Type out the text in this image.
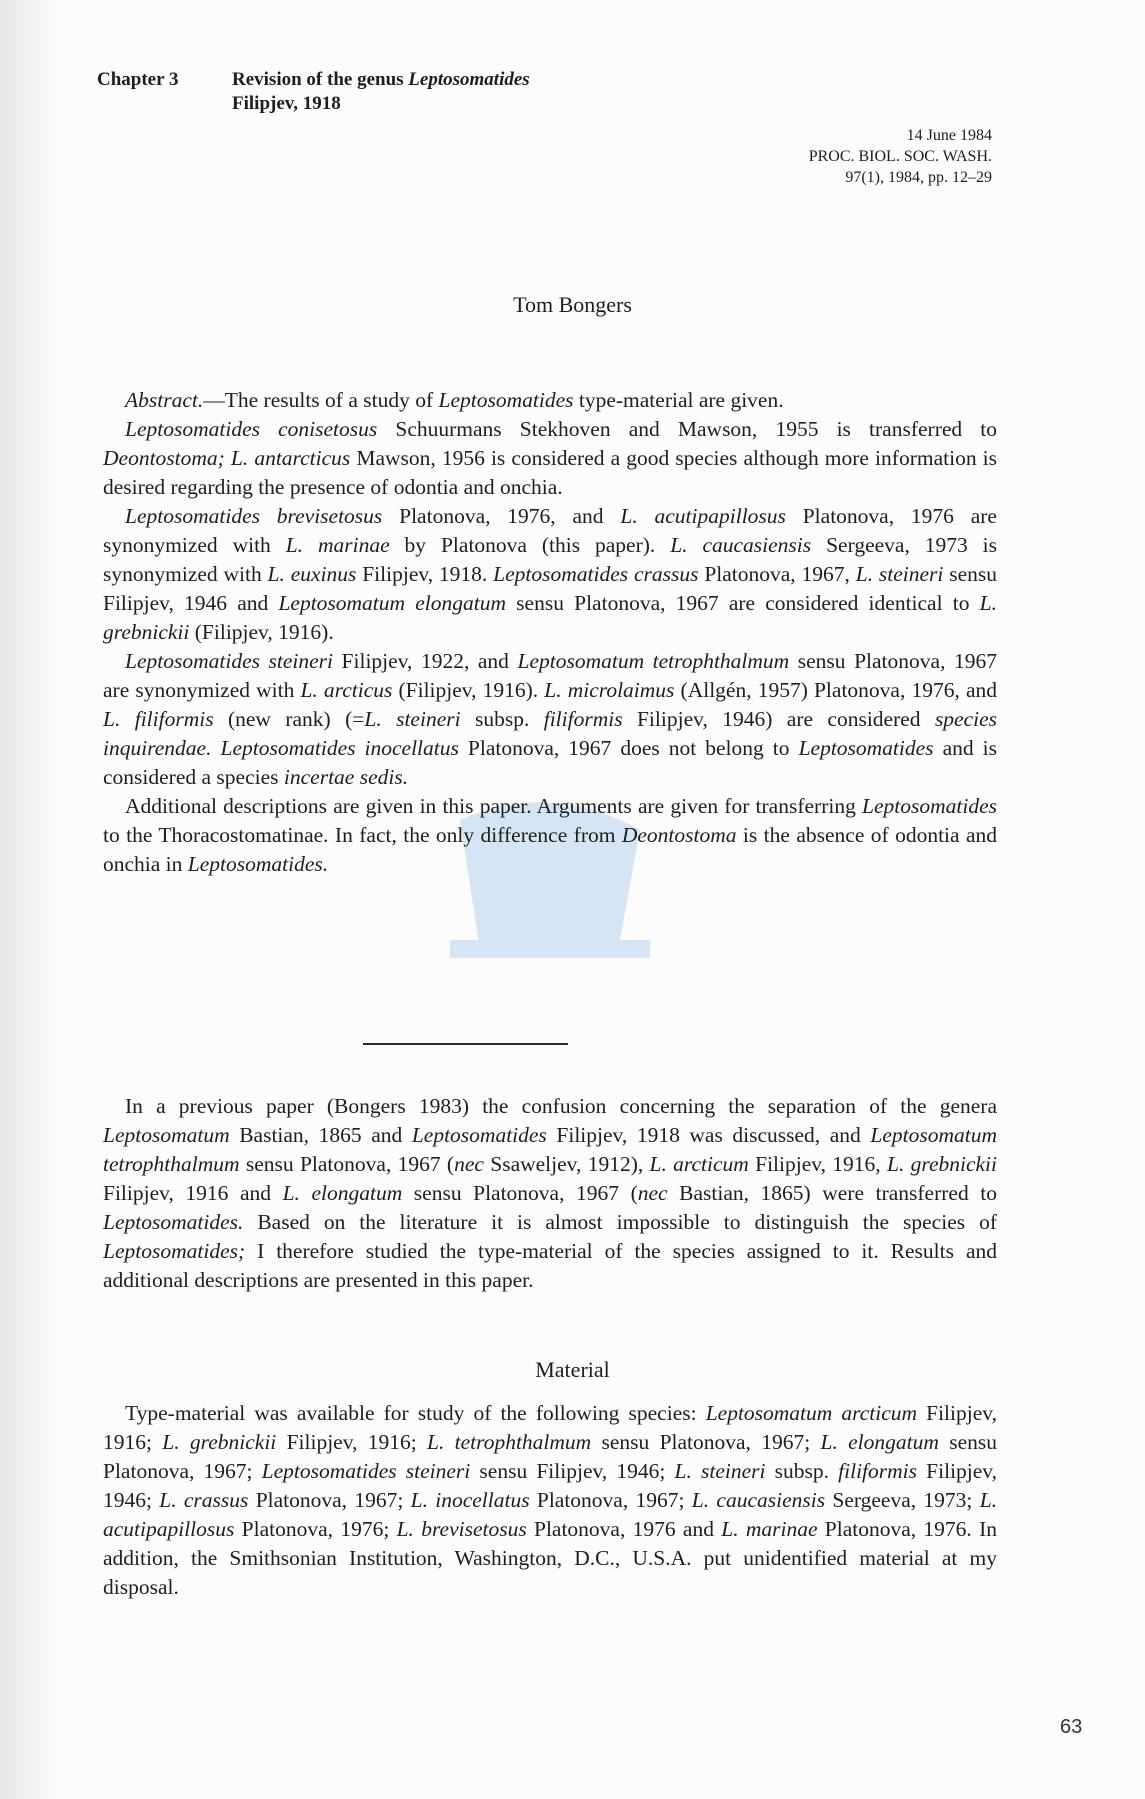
Chapter 3	Revision of the genus Leptosomatides
Filipjev, 1918
14 June 1984
PROC. BIOL. SOC. WASH.
97(1), 1984, pp. 12–29
Tom Bongers

Abstract.—The results of a study of Leptosomatides type-material are given.

Leptosomatides conisetosus Schuurmans Stekhoven and Mawson, 1955 is transferred to Deontostoma; L. antarcticus Mawson, 1956 is considered a good species although more information is desired regarding the presence of odontia and onchia.

Leptosomatides brevisetosus Platonova, 1976, and L. acutipapillosus Platonova, 1976 are synonymized with L. marinae by Platonova (this paper). L. caucasiensis Sergeeva, 1973 is synonymized with L. euxinus Filipjev, 1918. Leptosomatides crassus Platonova, 1967, L. steineri sensu Filipjev, 1946 and Leptosomatum elongatum sensu Platonova, 1967 are considered identical to L. grebnickii (Filipjev, 1916).

Leptosomatides steineri Filipjev, 1922, and Leptosomatum tetrophthalmum sensu Platonova, 1967 are synonymized with L. arcticus (Filipjev, 1916). L. microlaimus (Allgén, 1957) Platonova, 1976, and L. filiformis (new rank) (=L. steineri subsp. filiformis Filipjev, 1946) are considered species inquirendae. Leptosomatides inocellatus Platonova, 1967 does not belong to Leptosomatides and is considered a species incertae sedis.

Additional descriptions are given in this paper. Arguments are given for transferring Leptosomatides to the Thoracostomatinae. In fact, the only difference from Deontostoma is the absence of odontia and onchia in Leptosomatides.

In a previous paper (Bongers 1983) the confusion concerning the separation of the genera Leptosomatum Bastian, 1865 and Leptosomatides Filipjev, 1918 was discussed, and Leptosomatum tetrophthalmum sensu Platonova, 1967 (nec Ssaweljev, 1912), L. arcticum Filipjev, 1916, L. grebnickii Filipjev, 1916 and L. elongatum sensu Platonova, 1967 (nec Bastian, 1865) were transferred to Leptosomatides. Based on the literature it is almost impossible to distinguish the species of Leptosomatides; I therefore studied the type-material of the species assigned to it. Results and additional descriptions are presented in this paper.

Material

Type-material was available for study of the following species: Leptosomatum arcticum Filipjev, 1916; L. grebnickii Filipjev, 1916; L. tetrophthalmum sensu Platonova, 1967; L. elongatum sensu Platonova, 1967; Leptosomatides steineri sensu Filipjev, 1946; L. steineri subsp. filiformis Filipjev, 1946; L. crassus Platonova, 1967; L. inocellatus Platonova, 1967; L. caucasiensis Sergeeva, 1973; L. acutipapillosus Platonova, 1976; L. brevisetosus Platonova, 1976 and L. marinae Platonova, 1976. In addition, the Smithsonian Institution, Washington, D.C., U.S.A. put unidentified material at my disposal.

63
